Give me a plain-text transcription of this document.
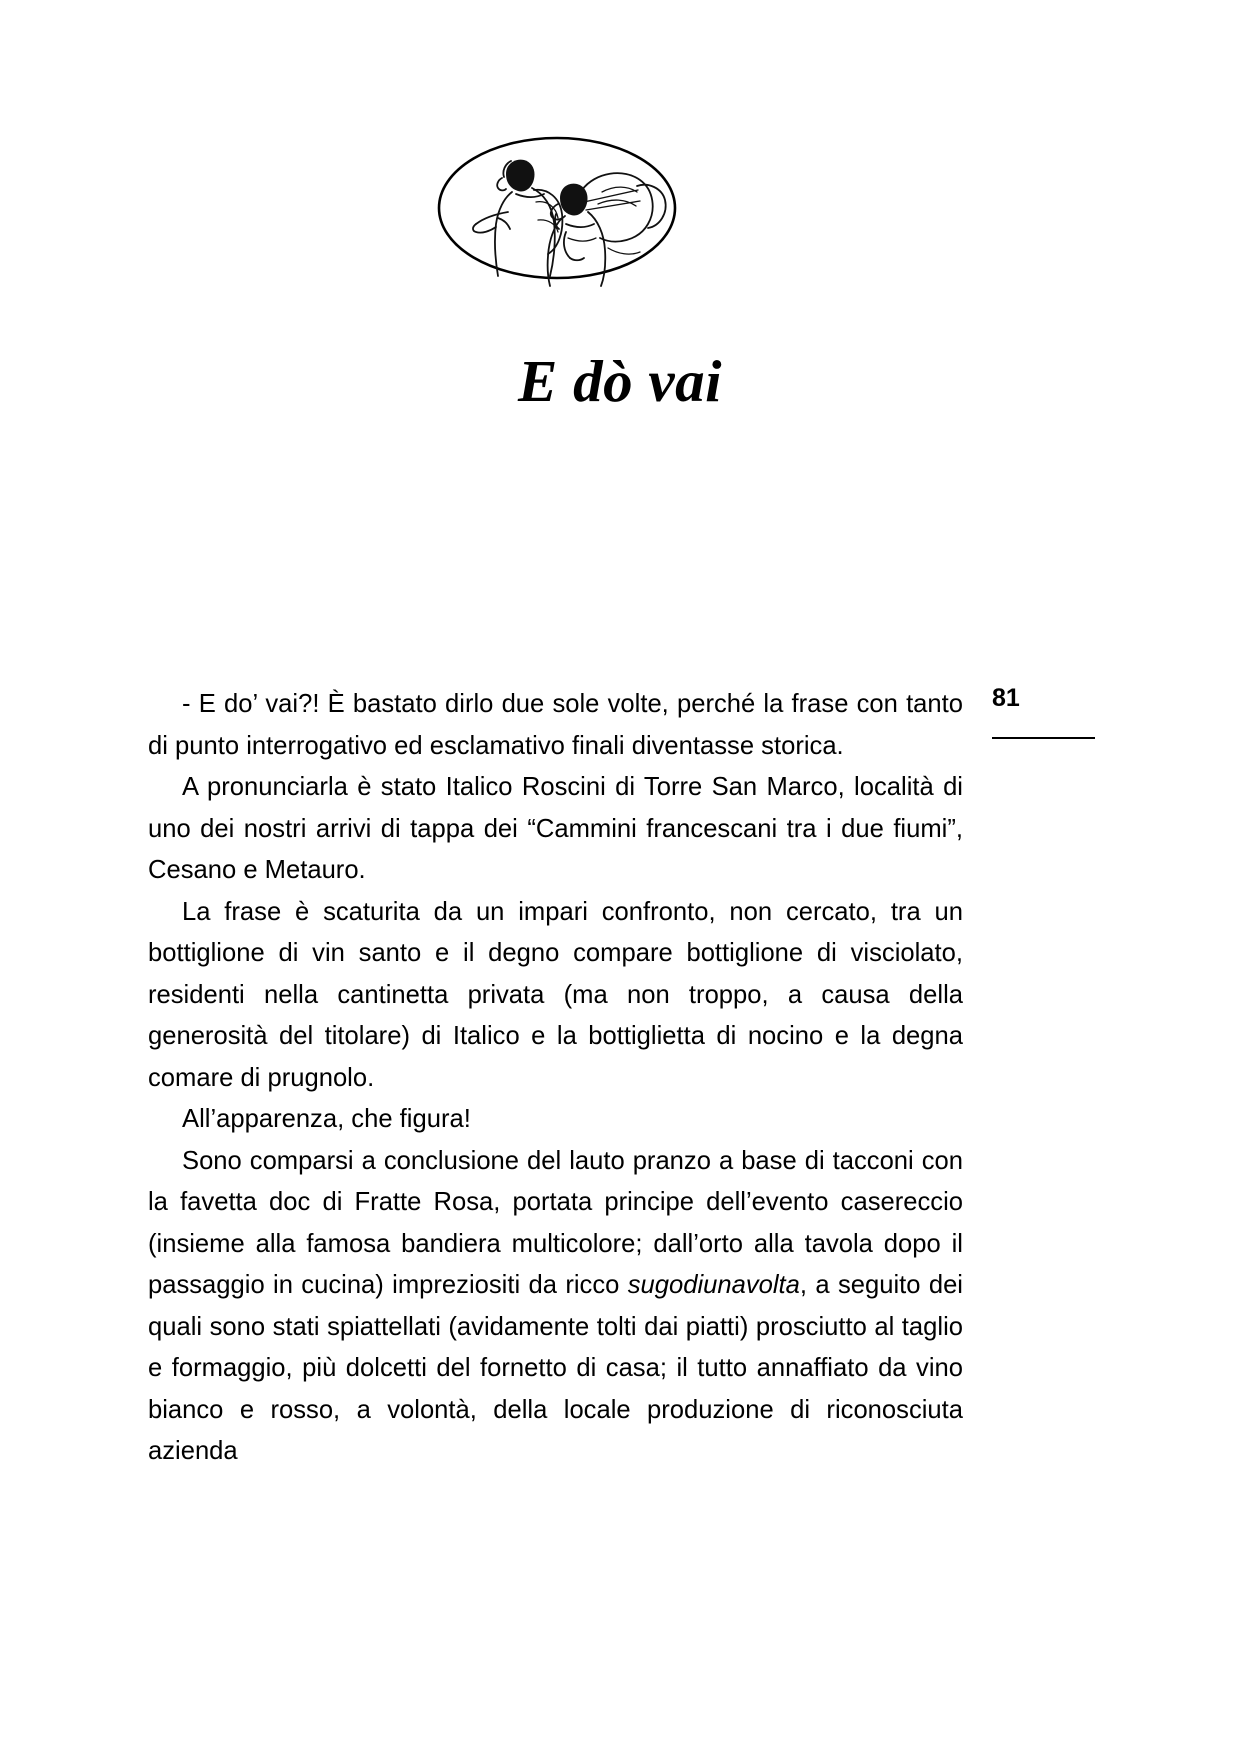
E dò vai
81

- E do’ vai?! È bastato dirlo due sole volte, perché la frase con tanto di punto interrogativo ed esclamativo finali diventasse storica.

A pronunciarla è stato Italico Roscini di Torre San Marco, località di uno dei nostri arrivi di tappa dei “Cammini francescani tra i due fiumi”, Cesano e Metauro.

La frase è scaturita da un impari confronto, non cercato, tra un bottiglione di vin santo e il degno compare bottiglione di visciolato, residenti nella cantinetta privata (ma non troppo, a causa della generosità del titolare) di Italico e la bottiglietta di nocino e la degna comare di prugnolo.

All’apparenza, che figura!

Sono comparsi a conclusione del lauto pranzo a base di tacconi con la favetta doc di Fratte Rosa, portata principe dell’evento casereccio (insieme alla famosa bandiera multicolore; dall’orto alla tavola dopo il passaggio in cucina) impreziositi da ricco sugodiunavolta, a seguito dei quali sono stati spiattellati (avidamente tolti dai piatti) prosciutto al taglio e formaggio, più dolcetti del fornetto di casa; il tutto annaffiato da vino bianco e rosso, a volontà, della locale produzione di riconosciuta azienda
